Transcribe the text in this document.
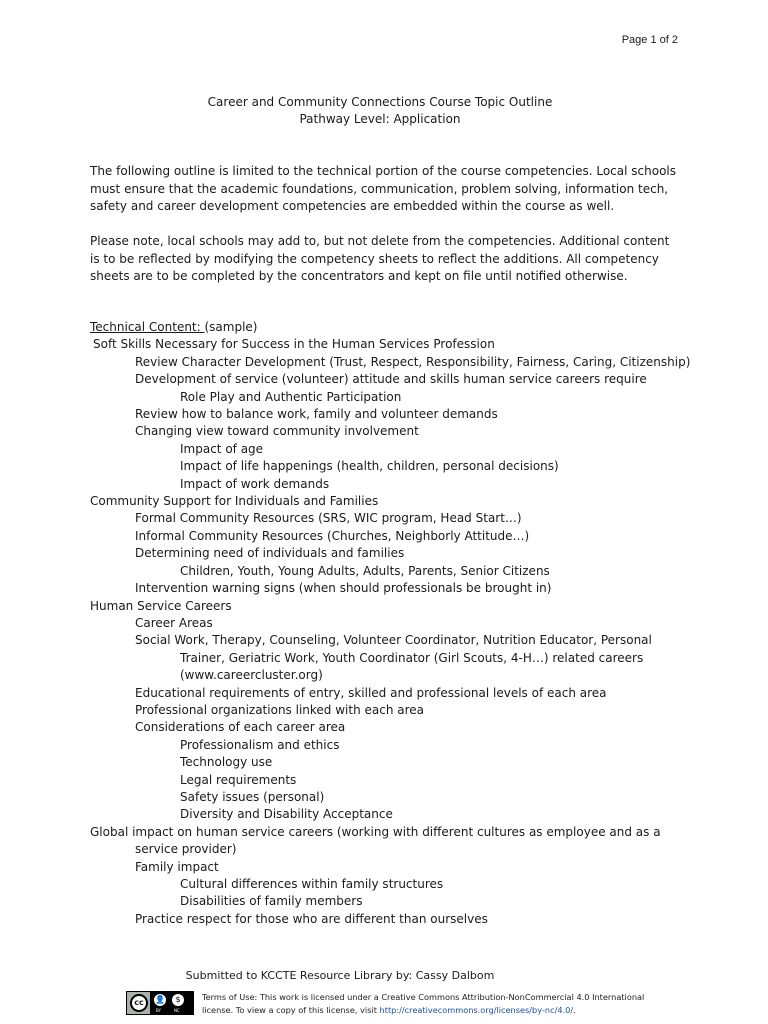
Page 1 of 2
Career and Community Connections Course Topic Outline
Pathway Level: Application

The following outline is limited to the technical portion of the course competencies. Local schools must ensure that the academic foundations, communication, problem solving, information tech, safety and career development competencies are embedded within the course as well.

Please note, local schools may add to, but not delete from the competencies. Additional content is to be reflected by modifying the competency sheets to reflect the additions. All competency sheets are to be completed by the concentrators and kept on file until notified otherwise.

Technical Content: (sample)
Soft Skills Necessary for Success in the Human Services Profession
Review Character Development (Trust, Respect, Responsibility, Fairness, Caring, Citizenship)
Development of service (volunteer) attitude and skills human service careers require
Role Play and Authentic Participation
Review how to balance work, family and volunteer demands
Changing view toward community involvement
Impact of age
Impact of life happenings (health, children, personal decisions)
Impact of work demands
Community Support for Individuals and Families
Formal Community Resources (SRS, WIC program, Head Start…)
Informal Community Resources (Churches, Neighborly Attitude…)
Determining need of individuals and families
Children, Youth, Young Adults, Adults, Parents, Senior Citizens
Intervention warning signs (when should professionals be brought in)
Human Service Careers
Career Areas
Social Work, Therapy, Counseling, Volunteer Coordinator, Nutrition Educator, Personal Trainer, Geriatric Work, Youth Coordinator (Girl Scouts, 4-H…) related careers (www.careercluster.org)
Educational requirements of entry, skilled and professional levels of each area
Professional organizations linked with each area
Considerations of each career area
Professionalism and ethics
Technology use
Legal requirements
Safety issues (personal)
Diversity and Disability Acceptance
Global impact on human service careers (working with different cultures as employee and as a service provider)
Family impact
Cultural differences within family structures
Disabilities of family members
Practice respect for those who are different than ourselves
Submitted to KCCTE Resource Library by: Cassy Dalbom
cc	👤	$
BY	NC
Terms of Use: This work is licensed under a Creative Commons Attribution-NonCommercial 4.0 International license. To view a copy of this license, visit http://creativecommons.org/licenses/by-nc/4.0/.
